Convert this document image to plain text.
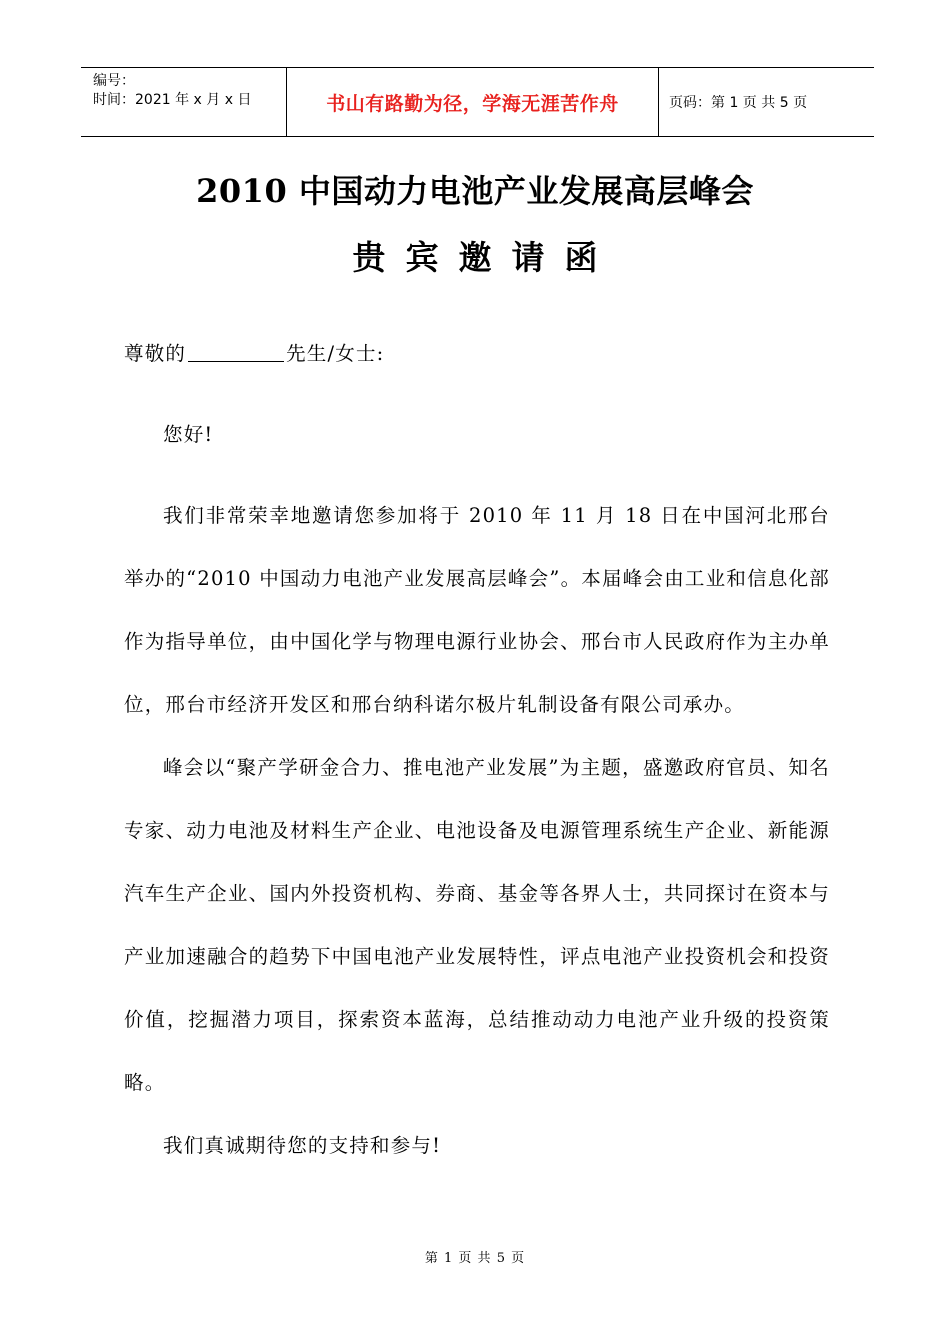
编号：
时间：2021 年 x 月 x 日	书山有路勤为径，学海无涯苦作舟	页码：第 1 页 共 5 页
2010 中国动力电池产业发展高层峰会
贵宾邀请函

尊敬的	先生/女士:

您好!

我们非常荣幸地邀请您参加将于 2010 年 11 月 18 日在中国河北邢台举办的“2010 中国动力电池产业发展高层峰会”。本届峰会由工业和信息化部作为指导单位，由中国化学与物理电源行业协会、邢台市人民政府作为主办单位，邢台市经济开发区和邢台纳科诺尔极片轧制设备有限公司承办。

峰会以“聚产学研金合力、推电池产业发展”为主题，盛邀政府官员、知名专家、动力电池及材料生产企业、电池设备及电源管理系统生产企业、新能源汽车生产企业、国内外投资机构、券商、基金等各界人士，共同探讨在资本与产业加速融合的趋势下中国电池产业发展特性，评点电池产业投资机会和投资价值，挖掘潜力项目，探索资本蓝海，总结推动动力电池产业升级的投资策略。

我们真诚期待您的支持和参与!

第 1 页 共 5 页
